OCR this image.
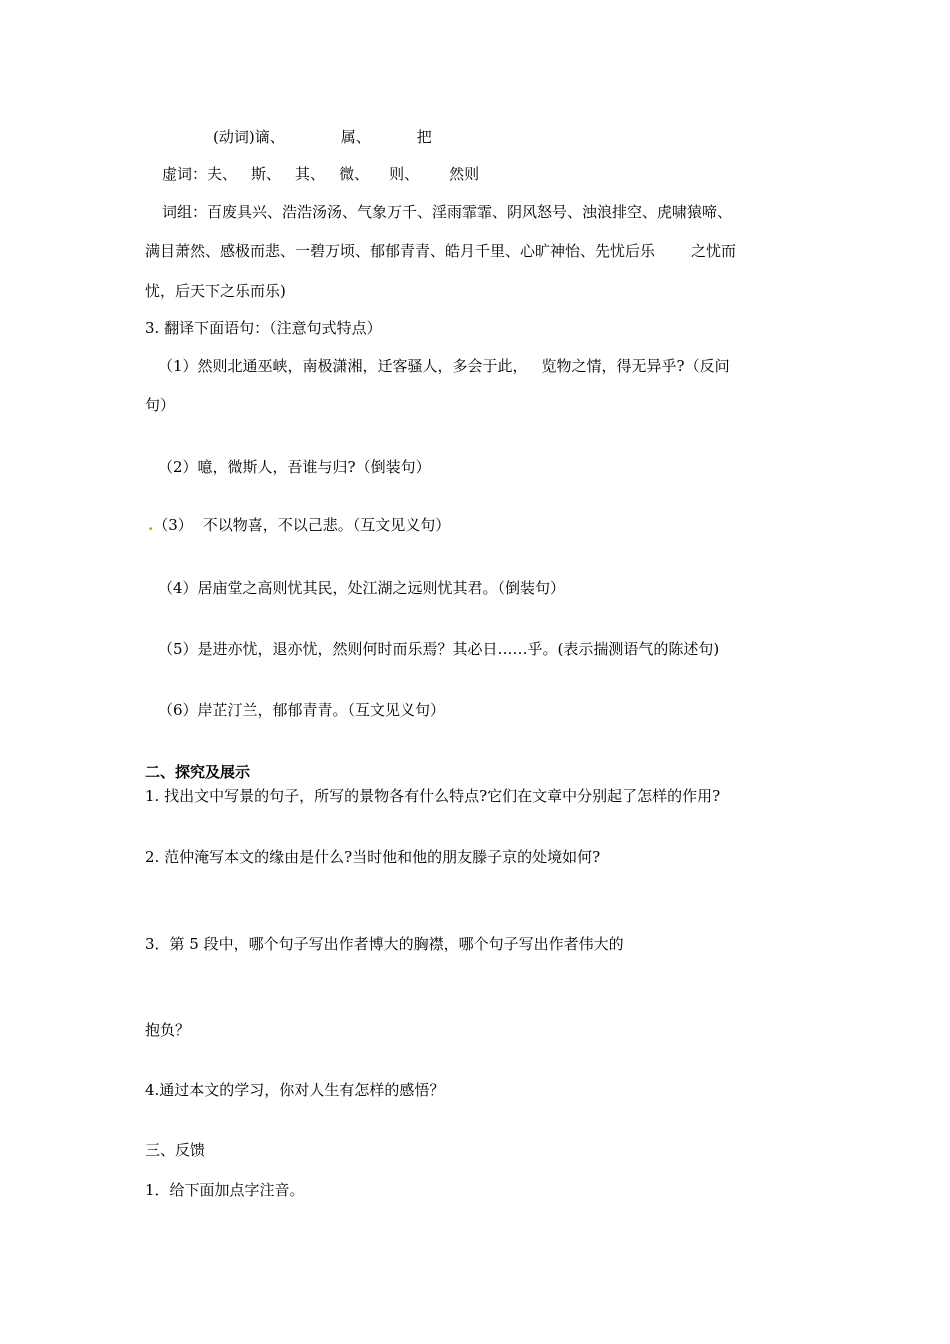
(动词)谪、	属、	把
虚词：夫、 斯、 其、 微、 则、 然则
词组：百废具兴、浩浩汤汤、气象万千、淫雨霏霏、阴风怒号、浊浪排空、虎啸猿啼、
满目萧然、感极而悲、一碧万顷、郁郁青青、皓月千里、心旷神怡、先忧后乐 之忧而
忧，后天下之乐而乐)
3. 翻译下面语句：（注意句式特点）
（1）然则北通巫峡，南极潇湘，迁客骚人，多会于此， 览物之情，得无异乎?（反问
句）
（2）噫，微斯人，吾谁与归?（倒装句）
.（3） 不以物喜，不以己悲。（互文见义句）
（4）居庙堂之高则忧其民，处江湖之远则忧其君。（倒装句）
（5）是进亦忧，退亦忧，然则何时而乐焉？其必日……乎。(表示揣测语气的陈述句)
（6）岸芷汀兰，郁郁青青。（互文见义句）
二、探究及展示
1. 找出文中写景的句子，所写的景物各有什么特点?它们在文章中分别起了怎样的作用?
2. 范仲淹写本文的缘由是什么?当时他和他的朋友滕子京的处境如何?
3．第 5 段中，哪个句子写出作者博大的胸襟，哪个句子写出作者伟大的
抱负？
4.通过本文的学习，你对人生有怎样的感悟？
三、反馈
1．给下面加点字注音。
